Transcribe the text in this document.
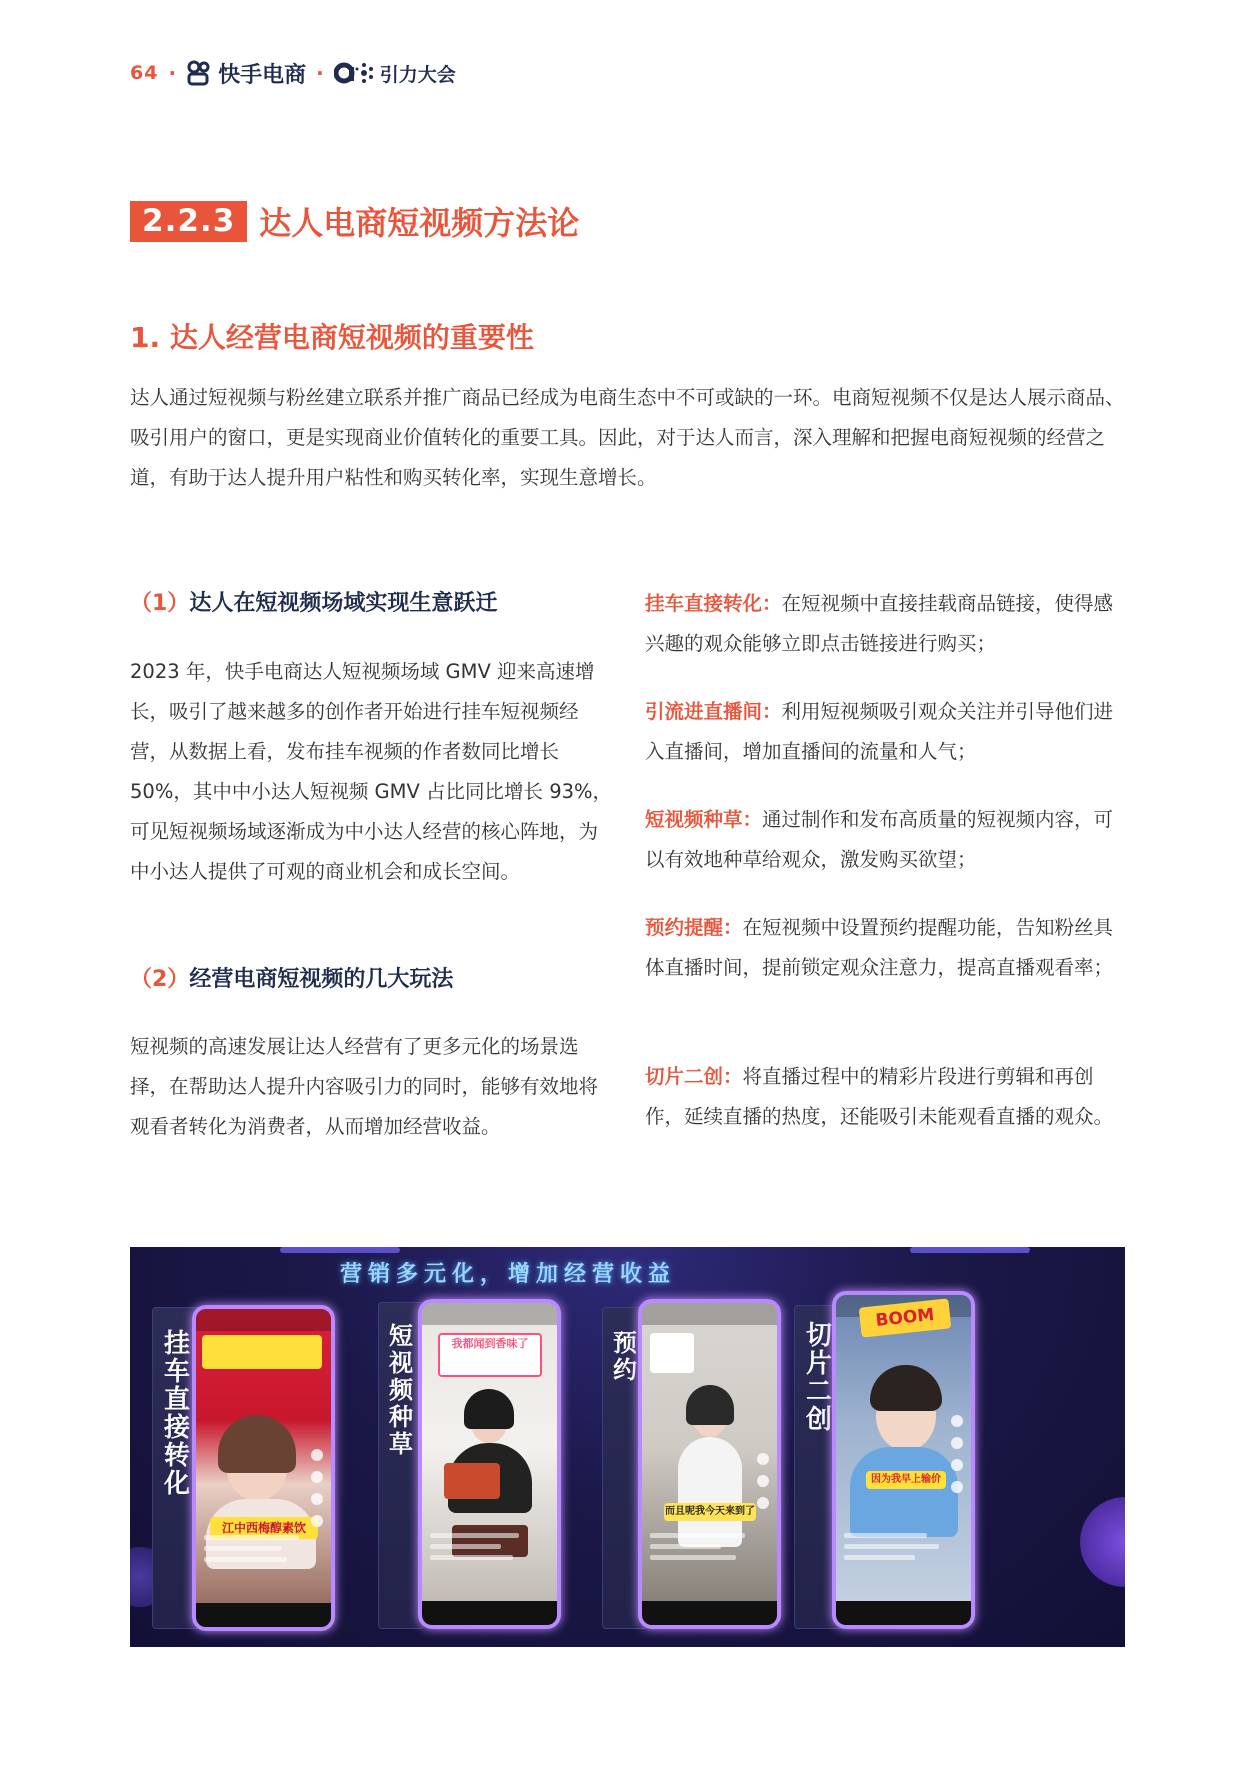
64 · 快手电商 ·	引力大会
2.2.3 达人电商短视频方法论
1. 达人经营电商短视频的重要性
达人通过短视频与粉丝建立联系并推广商品已经成为电商生态中不可或缺的一环。电商短视频不仅是达人展示商品、吸引用户的窗口，更是实现商业价值转化的重要工具。因此，对于达人而言，深入理解和把握电商短视频的经营之道，有助于达人提升用户粘性和购买转化率，实现生意增长。
（1）达人在短视频场域实现生意跃迁
2023 年，快手电商达人短视频场域 GMV 迎来高速增长，吸引了越来越多的创作者开始进行挂车短视频经营，从数据上看，发布挂车视频的作者数同比增长 50%，其中中小达人短视频 GMV 占比同比增长 93%，可见短视频场域逐渐成为中小达人经营的核心阵地，为中小达人提供了可观的商业机会和成长空间。
（2）经营电商短视频的几大玩法
短视频的高速发展让达人经营有了更多元化的场景选择，在帮助达人提升内容吸引力的同时，能够有效地将观看者转化为消费者，从而增加经营收益。
挂车直接转化：在短视频中直接挂载商品链接，使得感兴趣的观众能够立即点击链接进行购买；
引流进直播间：利用短视频吸引观众关注并引导他们进入直播间，增加直播间的流量和人气；
短视频种草：通过制作和发布高质量的短视频内容，可以有效地种草给观众，激发购买欲望；
预约提醒：在短视频中设置预约提醒功能，告知粉丝具体直播时间，提前锁定观众注意力，提高直播观看率；
切片二创：将直播过程中的精彩片段进行剪辑和再创作，延续直播的热度，还能吸引未能观看直播的观众。
营销多元化，增加经营收益
挂车直接转化
江中西梅醇素饮
短视频种草
我都闻到香味了	预约
而且呢我今天来到了
切片二创
BOOM
因为我早上输价
